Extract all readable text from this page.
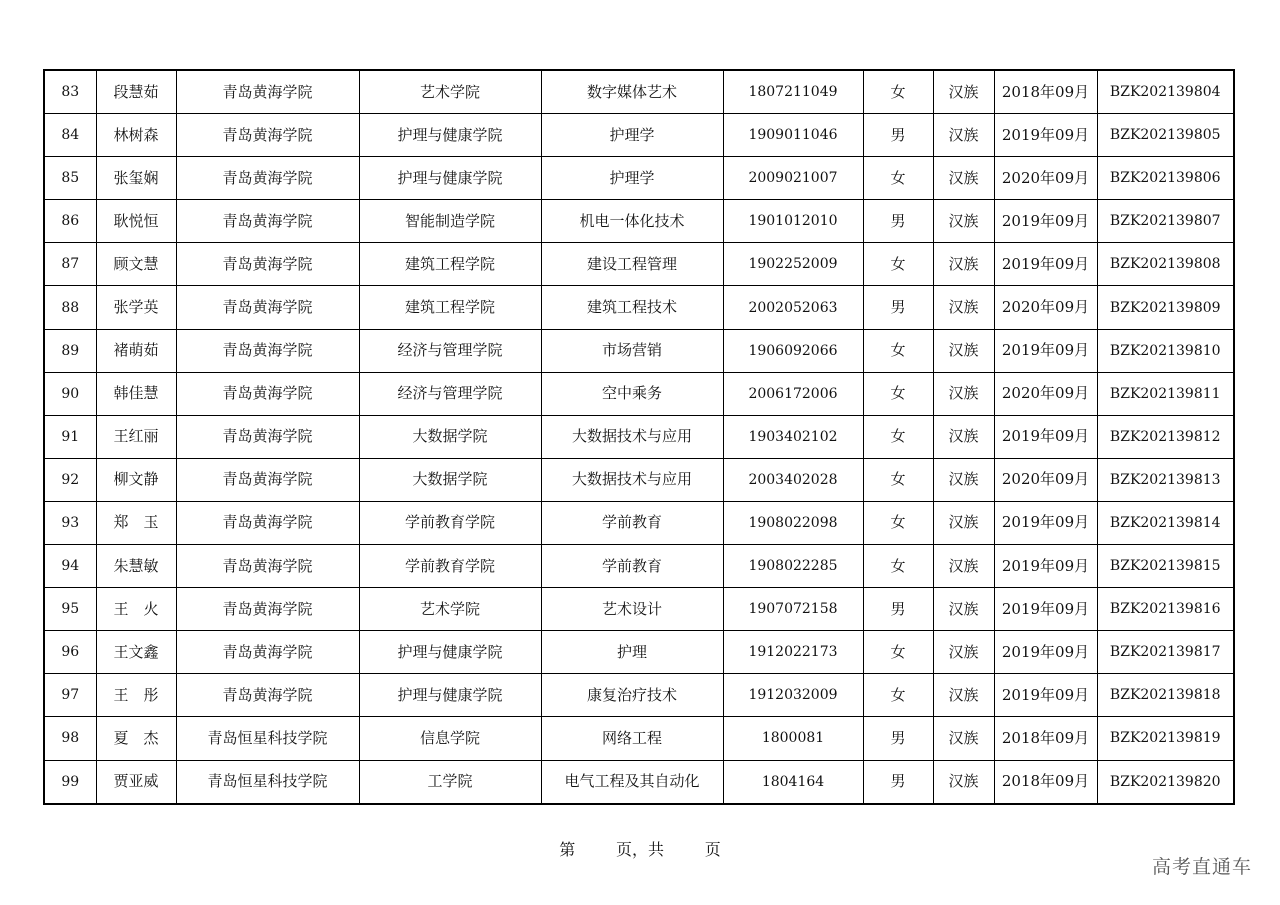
83	段慧茹	青岛黄海学院	艺术学院	数字媒体艺术	1807211049	女	汉族	2018年09月	BZK202139804
84	林树森	青岛黄海学院	护理与健康学院	护理学	1909011046	男	汉族	2019年09月	BZK202139805
85	张玺娴	青岛黄海学院	护理与健康学院	护理学	2009021007	女	汉族	2020年09月	BZK202139806
86	耿悦恒	青岛黄海学院	智能制造学院	机电一体化技术	1901012010	男	汉族	2019年09月	BZK202139807
87	顾文慧	青岛黄海学院	建筑工程学院	建设工程管理	1902252009	女	汉族	2019年09月	BZK202139808
88	张学英	青岛黄海学院	建筑工程学院	建筑工程技术	2002052063	男	汉族	2020年09月	BZK202139809
89	褚萌茹	青岛黄海学院	经济与管理学院	市场营销	1906092066	女	汉族	2019年09月	BZK202139810
90	韩佳慧	青岛黄海学院	经济与管理学院	空中乘务	2006172006	女	汉族	2020年09月	BZK202139811
91	王红丽	青岛黄海学院	大数据学院	大数据技术与应用	1903402102	女	汉族	2019年09月	BZK202139812
92	柳文静	青岛黄海学院	大数据学院	大数据技术与应用	2003402028	女	汉族	2020年09月	BZK202139813
93	郑　玉	青岛黄海学院	学前教育学院	学前教育	1908022098	女	汉族	2019年09月	BZK202139814
94	朱慧敏	青岛黄海学院	学前教育学院	学前教育	1908022285	女	汉族	2019年09月	BZK202139815
95	王　火	青岛黄海学院	艺术学院	艺术设计	1907072158	男	汉族	2019年09月	BZK202139816
96	王文鑫	青岛黄海学院	护理与健康学院	护理	1912022173	女	汉族	2019年09月	BZK202139817
97	王　彤	青岛黄海学院	护理与健康学院	康复治疗技术	1912032009	女	汉族	2019年09月	BZK202139818
98	夏　杰	青岛恒星科技学院	信息学院	网络工程	1800081	男	汉族	2018年09月	BZK202139819
99	贾亚威	青岛恒星科技学院	工学院	电气工程及其自动化	1804164	男	汉族	2018年09月	BZK202139820
第	页，共	页
高考直通车
